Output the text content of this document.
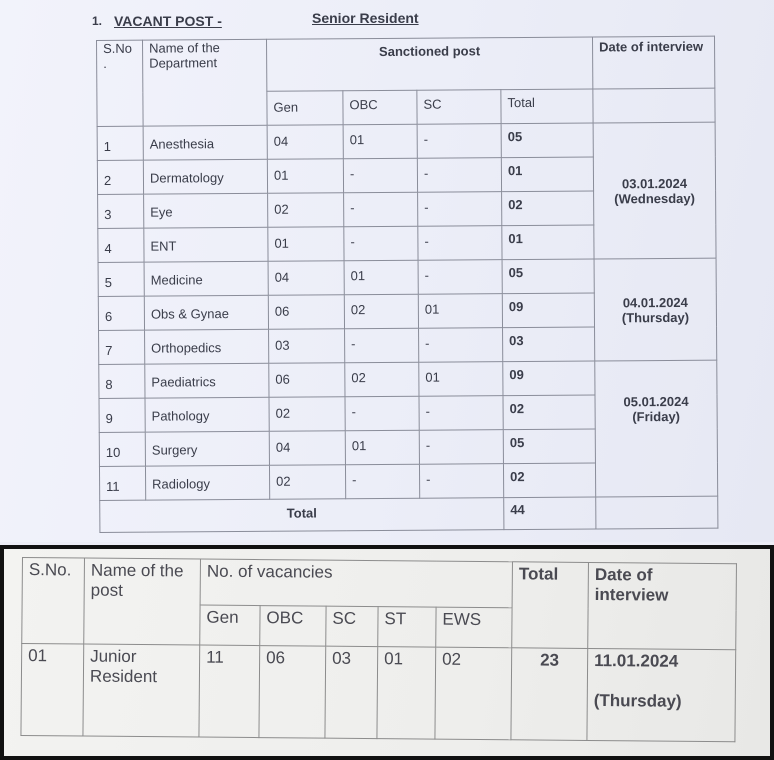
1. VACANT POST -	Senior Resident
S.No
.	Name of the Department	Sanctioned post				Date of interview
		Gen	OBC	SC	Total	
1	Anesthesia	04	01	-	05	03.01.2024
(Wednesday)
2	Dermatology	01	-	-	01	
3	Eye	02	-	-	02	
4	ENT	01	-	-	01	
5	Medicine	04	01	-	05	04.01.2024
(Thursday)
6	Obs & Gynae	06	02	01	09	
7	Orthopedics	03	-	-	03	
8	Paediatrics	06	02	01	09	05.01.2024
(Friday)
9	Pathology	02	-	-	02	
10	Surgery	04	01	-	05	
11	Radiology	02	-	-	02	
Total					44	
S.No.	Name of the post	No. of vacancies					Total	Date of interview
		Gen	OBC	SC	ST	EWS		
01	Junior Resident	11	06	03	01	02	23	11.01.2024

(Thursday)
